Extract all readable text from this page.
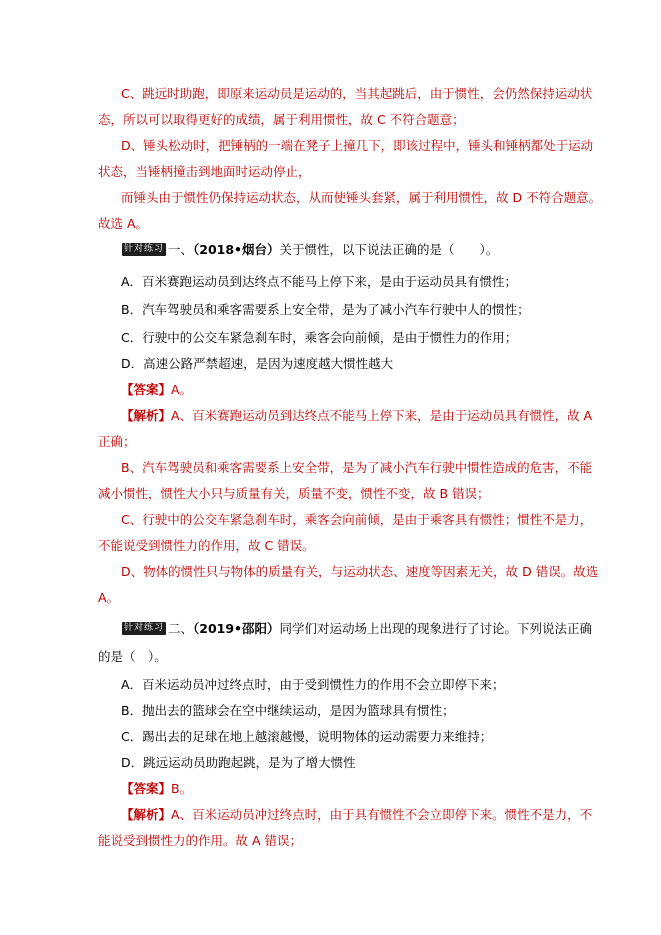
C、跳远时助跑，即原来运动员是运动的，当其起跳后，由于惯性，会仍然保持运动状
态，所以可以取得更好的成绩，属于利用惯性，故 C 不符合题意；
D、锤头松动时，把锤柄的一端在凳子上撞几下，即该过程中，锤头和锤柄都处于运动
状态，当锤柄撞击到地面时运动停止，
而锤头由于惯性仍保持运动状态，从而使锤头套紧，属于利用惯性，故 D 不符合题意。
故选 A。
针对练习 一、（2018•烟台）关于惯性，以下说法正确的是（　　）。
A．百米赛跑运动员到达终点不能马上停下来，是由于运动员具有惯性；
B．汽车驾驶员和乘客需要系上安全带，是为了减小汽车行驶中人的惯性；
C．行驶中的公交车紧急刹车时，乘客会向前倾，是由于惯性力的作用；
D．高速公路严禁超速，是因为速度越大惯性越大
【答案】A。
【解析】A、百米赛跑运动员到达终点不能马上停下来，是由于运动员具有惯性，故 A
正确；
B、汽车驾驶员和乘客需要系上安全带，是为了减小汽车行驶中惯性造成的危害，不能
减小惯性，惯性大小只与质量有关，质量不变，惯性不变，故 B 错误；
C、行驶中的公交车紧急刹车时，乘客会向前倾，是由于乘客具有惯性；惯性不是力，
不能说受到惯性力的作用，故 C 错误。
D、物体的惯性只与物体的质量有关，与运动状态、速度等因素无关，故 D 错误。故选
A。
针对练习 二、（2019•邵阳）同学们对运动场上出现的现象进行了讨论。下列说法正确
的是（　）。
A．百米运动员冲过终点时，由于受到惯性力的作用不会立即停下来；
B．抛出去的篮球会在空中继续运动，是因为篮球具有惯性；
C．踢出去的足球在地上越滚越慢，说明物体的运动需要力来维持；
D．跳远运动员助跑起跳，是为了增大惯性
【答案】B。
【解析】A、百米运动员冲过终点时，由于具有惯性不会立即停下来。惯性不是力，不
能说受到惯性力的作用。故 A 错误；
